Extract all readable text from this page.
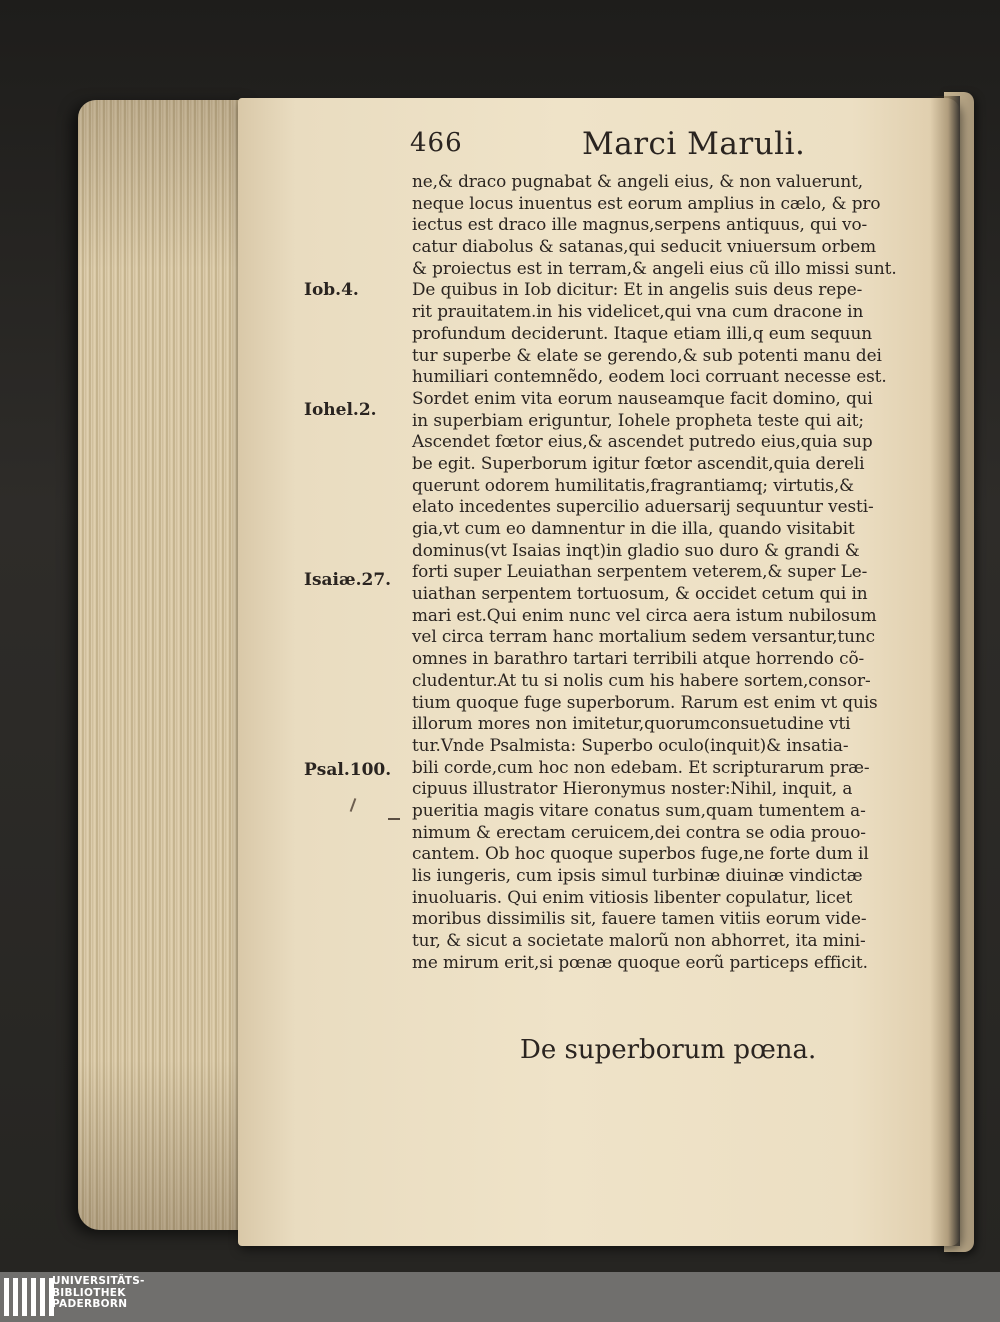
466	Marci Maruli.
ne,& draco pugnabat & angeli eius, & non valuerunt,
neque locus inuentus est eorum amplius in cælo, & pro
iectus est draco ille magnus,serpens antiquus, qui vo-
catur diabolus & satanas,qui seducit vniuersum orbem
& proiectus est in terram,& angeli eius cũ illo missi sunt.
De quibus in Iob dicitur: Et in angelis suis deus repe-
rit prauitatem.in his videlicet,qui vna cum dracone in
profundum deciderunt. Itaque etiam illi,q eum sequun
tur superbe & elate se gerendo,& sub potenti manu dei
humiliari contemnẽdo, eodem loci corruant necesse est.
Sordet enim vita eorum nauseamque facit domino, qui
in superbiam eriguntur, Iohele propheta teste qui ait;
Ascendet fœtor eius,& ascendet putredo eius,quia sup
be egit. Superborum igitur fœtor ascendit,quia dereli
querunt odorem humilitatis,fragrantiamq; virtutis,&
elato incedentes supercilio aduersarij sequuntur vesti-
gia,vt cum eo damnentur in die illa, quando visitabit
dominus(vt Isaias inqt)in gladio suo duro & grandi &
forti super Leuiathan serpentem veterem,& super Le-
uiathan serpentem tortuosum, & occidet cetum qui in
mari est.Qui enim nunc vel circa aera istum nubilosum
vel circa terram hanc mortalium sedem versantur,tunc
omnes in barathro tartari terribili atque horrendo cõ-
cludentur.At tu si nolis cum his habere sortem,consor-
tium quoque fuge superborum. Rarum est enim vt quis
illorum mores non imitetur,quorumconsuetudine vti
tur.Vnde Psalmista: Superbo oculo(inquit)& insatia-
bili corde,cum hoc non edebam. Et scripturarum præ-
cipuus illustrator Hieronymus noster:Nihil, inquit, a
pueritia magis vitare conatus sum,quam tumentem a-
nimum & erectam ceruicem,dei contra se odia prouo-
cantem. Ob hoc quoque superbos fuge,ne forte dum il
lis iungeris, cum ipsis simul turbinæ diuinæ vindictæ
inuoluaris. Qui enim vitiosis libenter copulatur, licet
moribus dissimilis sit, fauere tamen vitiis eorum vide-
tur, & sicut a societate malorũ non abhorret, ita mini-
me mirum erit,si pœnæ quoque eorũ particeps efficit.
De superborum pœna.
Iob.4.
Iohel.2.
Isaiæ.27.
Psal.100.
UNIVERSITÄTS-
BIBLIOTHEK
PADERBORN
